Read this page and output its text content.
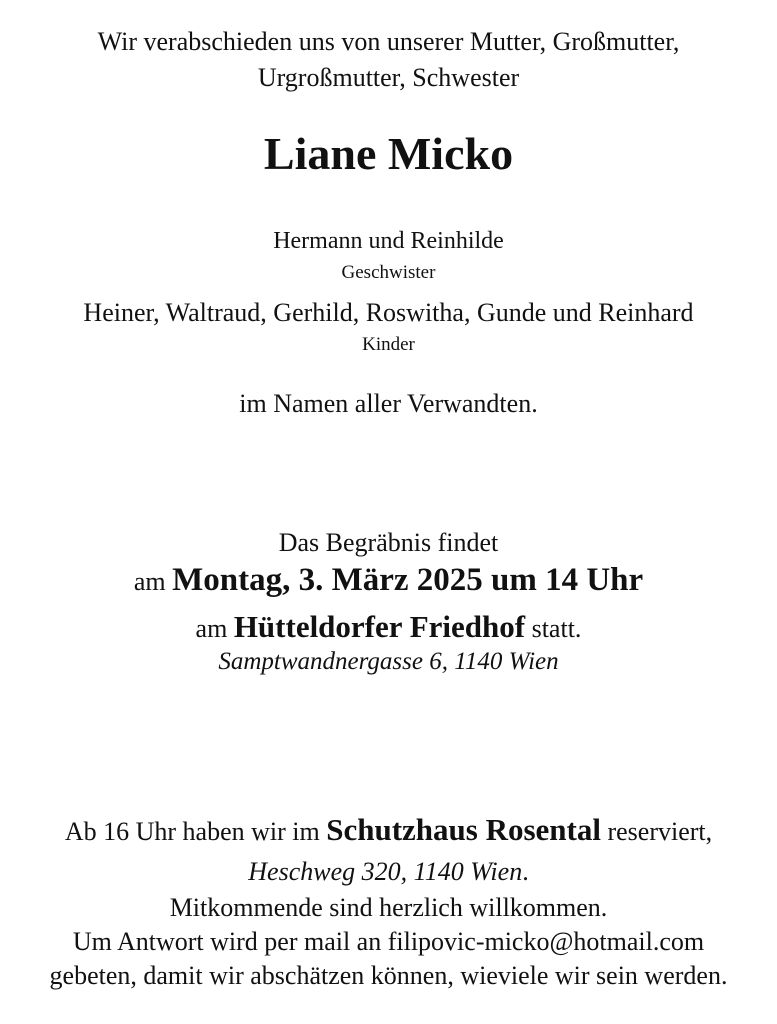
Wir verabschieden uns von unserer Mutter, Großmutter,
Urgroßmutter, Schwester
Liane Micko
Hermann und Reinhilde
Geschwister
Heiner, Waltraud, Gerhild, Roswitha, Gunde und Reinhard
Kinder
im Namen aller Verwandten.
Das Begräbnis findet
am Montag, 3. März 2025 um 14 Uhr
am Hütteldorfer Friedhof statt.
Samptwandnergasse 6, 1140 Wien
Ab 16 Uhr haben wir im Schutzhaus Rosental reserviert,
Heschweg 320, 1140 Wien.
Mitkommende sind herzlich willkommen.
Um Antwort wird per mail an filipovic-micko@hotmail.com
gebeten, damit wir abschätzen können, wieviele wir sein werden.
